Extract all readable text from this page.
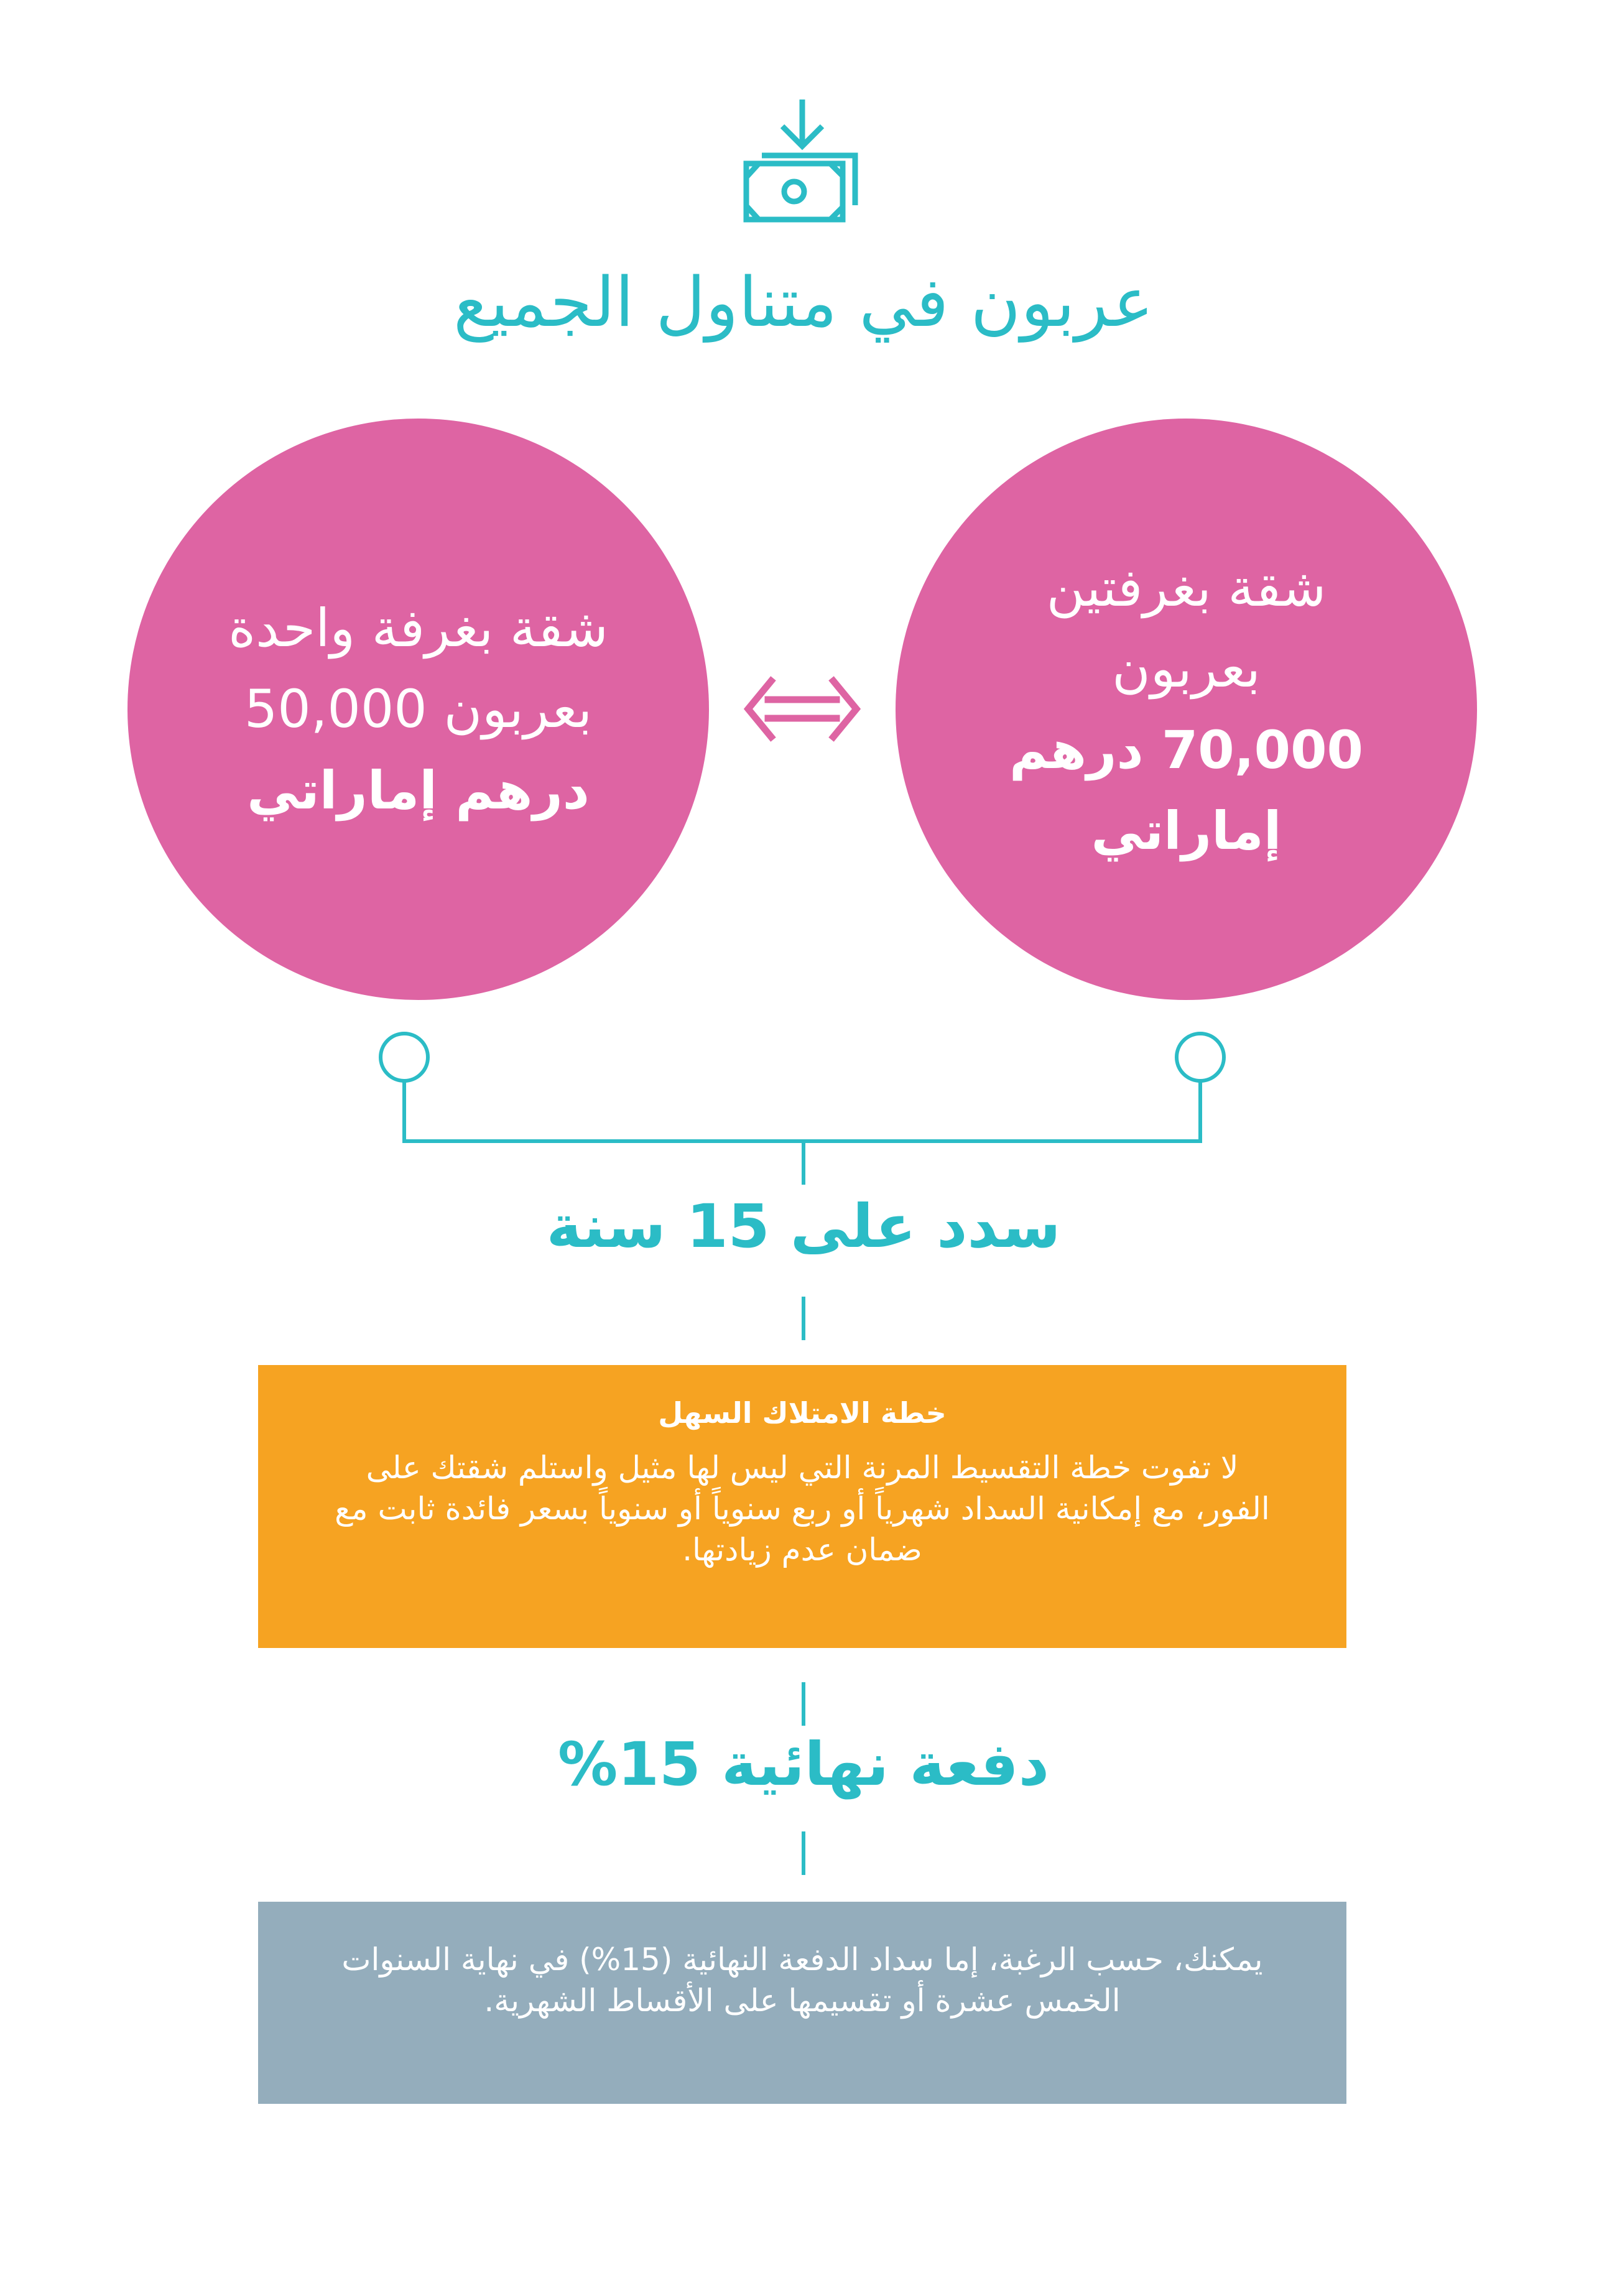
عربون في متناول الجميع
شقة بغرفة واحدة
بعربون 50,000
درهم إماراتي
شقة بغرفتين
بعربون
70,000 درهم
إماراتي
سدد على 15 سنة
خطة الامتلاك السهل
لا تفوت خطة التقسيط المرنة التي ليس لها مثيل واستلم شقتك على الفور، مع إمكانية السداد شهرياً أو ربع سنوياً أو سنوياً بسعر فائدة ثابت مع ضمان عدم زيادتها.
دفعة نهائية 15%
يمكنك، حسب الرغبة، إما سداد الدفعة النهائية (15%) في نهاية السنوات الخمس عشرة أو تقسيمها على الأقساط الشهرية.
